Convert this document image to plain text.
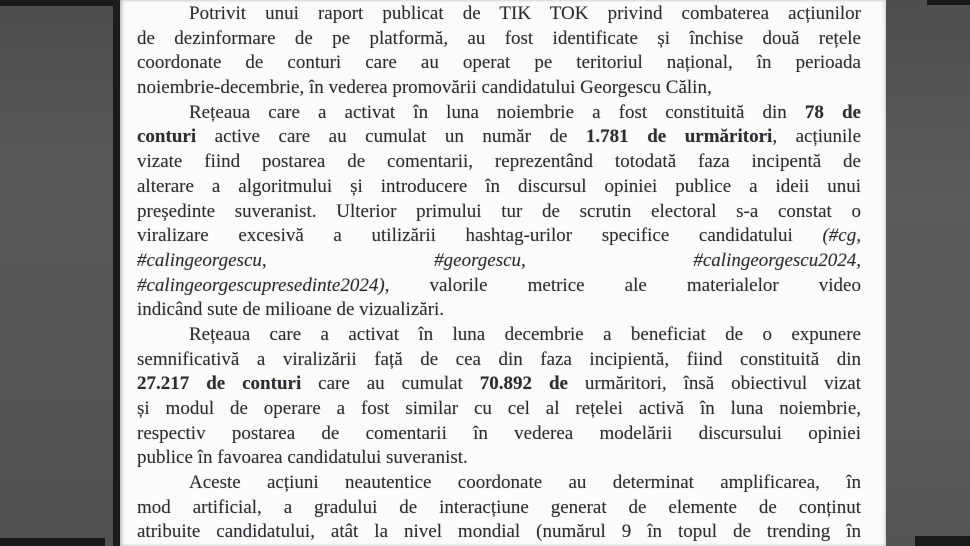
Potrivit unui raport publicat de TIK TOK privind combaterea acțiunilor
de dezinformare de pe platformă, au fost identificate și închise două rețele
coordonate de conturi care au operat pe teritoriul național, în perioada
noiembrie-decembrie, în vederea promovării candidatului Georgescu Călin,
Rețeaua care a activat în luna noiembrie a fost constituită din 78 de
conturi active care au cumulat un număr de 1.781 de urmăritori, acțiunile
vizate fiind postarea de comentarii, reprezentând totodată faza incipentă de
alterare a algoritmului și introducere în discursul opiniei publice a ideii unui
președinte suveranist. Ulterior primului tur de scrutin electoral s-a constat o
viralizare excesivă a utilizării hashtag-urilor specifice candidatului (#cg,
#calingeorgescu, #georgescu, #calingeorgescu2024,
#calingeorgescupresedinte2024), valorile metrice ale materialelor video
indicând sute de milioane de vizualizări.
Rețeaua care a activat în luna decembrie a beneficiat de o expunere
semnificativă a viralizării față de cea din faza incipientă, fiind constituită din
27.217 de conturi care au cumulat 70.892 de urmăritori, însă obiectivul vizat
și modul de operare a fost similar cu cel al rețelei activă în luna noiembrie,
respectiv postarea de comentarii în vederea modelării discursului opiniei
publice în favoarea candidatului suveranist.
Aceste acțiuni neautentice coordonate au determinat amplificarea, în
mod artificial, a gradului de interacțiune generat de elemente de conținut
atribuite candidatului, atât la nivel mondial (numărul 9 în topul de trending în
